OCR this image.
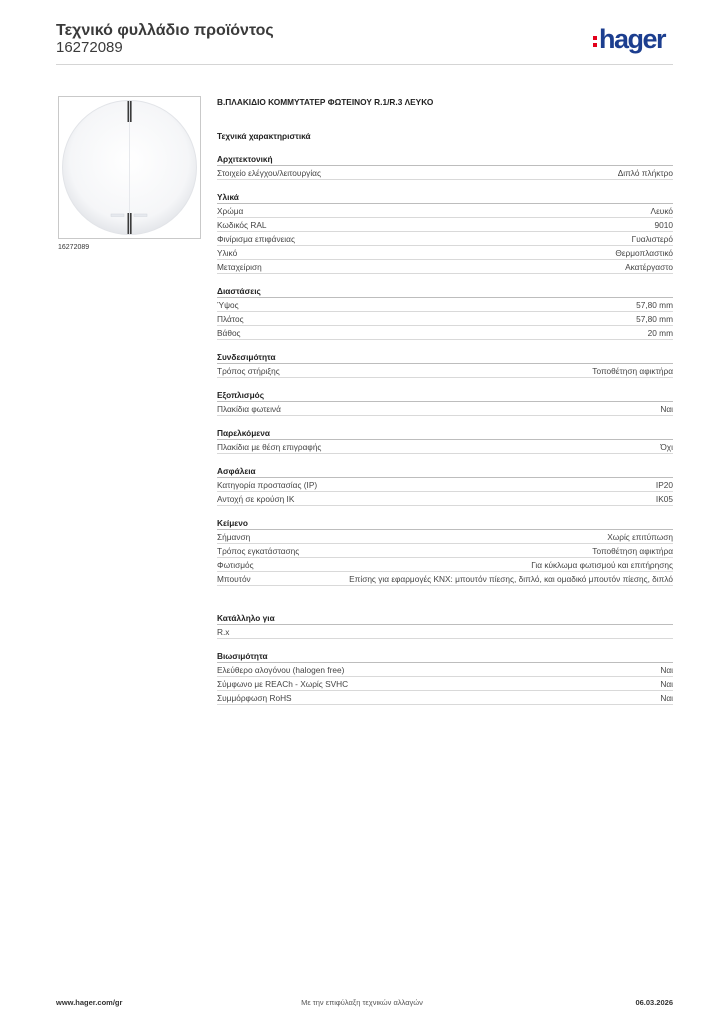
Τεχνικό φυλλάδιο προϊόντος
16272089	hager
16272089
Β.ΠΛΑΚΙΔΙΟ ΚΟΜΜΥΤΑΤΕΡ ΦΩΤΕΙΝΟΥ R.1/R.3 ΛΕΥΚΟ
Τεχνικά χαρακτηριστικά
Αρχιτεκτονική
Στοιχείο ελέγχου/λειτουργίας	Διπλό πλήκτρο
Υλικά
Χρώμα	Λευκό
Κωδικός RAL	9010
Φινίρισμα επιφάνειας	Γυαλιστερό
Υλικό	Θερμοπλαστικό
Μεταχείριση	Ακατέργαστο
Διαστάσεις
Ύψος	57,80 mm
Πλάτος	57,80 mm
Βάθος	20 mm
Συνδεσιμότητα
Τρόπος στήριξης	Τοποθέτηση αφικτήρα
Εξοπλισμός
Πλακίδια φωτεινά	Ναι
Παρελκόμενα
Πλακίδια με θέση επιγραφής	Όχι
Ασφάλεια
Κατηγορία προστασίας (IP)	IP20
Αντοχή σε κρούση IK	IK05
Κείμενο
Σήμανση	Χωρίς επιτύπωση
Τρόπος εγκατάστασης	Τοποθέτηση αφικτήρα
Φωτισμός	Για κύκλωμα φωτισμού και επιτήρησης
Μπουτόν	Επίσης για εφαρμογές KNX: μπουτόν πίεσης, διπλό, και ομαδικό μπουτόν πίεσης, διπλό
Κατάλληλο για
R.x
Βιωσιμότητα
Ελεύθερο αλογόνου (halogen free)	Ναι
Σύμφωνο με REACh - Χωρίς SVHC	Ναι
Συμμόρφωση RoHS	Ναι
www.hager.com/gr	Με την επιφύλαξη τεχνικών αλλαγών	06.03.2026
